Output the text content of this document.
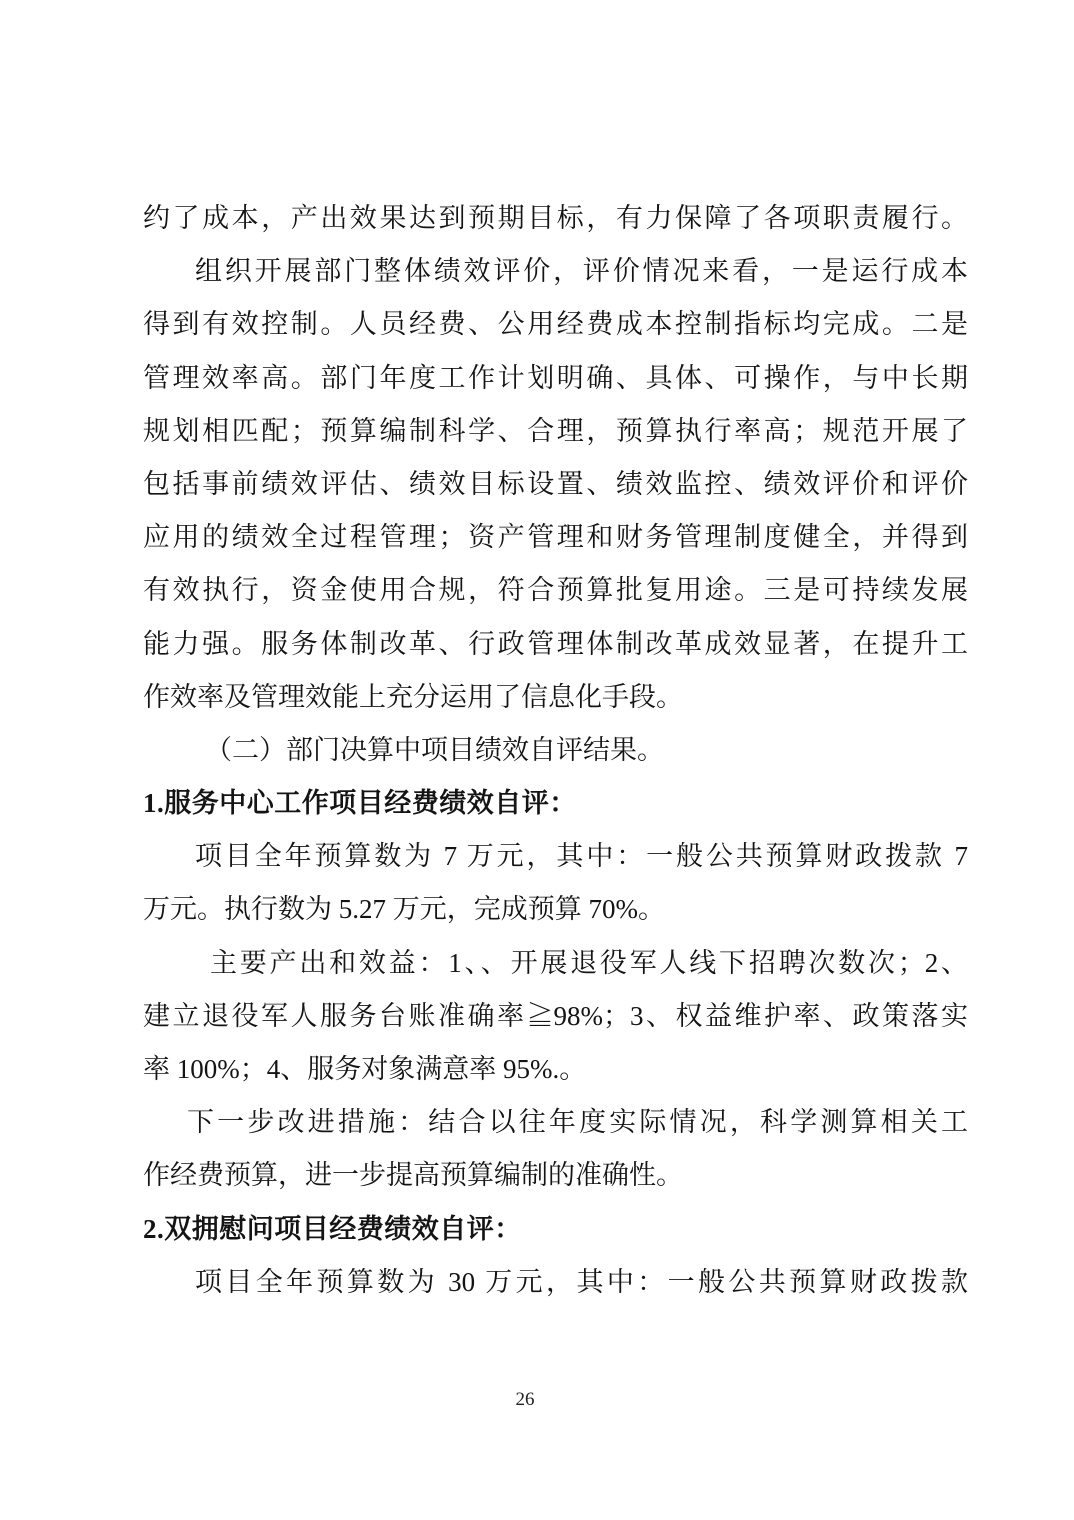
约了成本，产出效果达到预期目标，有力保障了各项职责履行。
组织开展部门整体绩效评价，评价情况来看，一是运行成本
得到有效控制。人员经费、公用经费成本控制指标均完成。二是
管理效率高。部门年度工作计划明确、具体、可操作，与中长期
规划相匹配；预算编制科学、合理，预算执行率高；规范开展了
包括事前绩效评估、绩效目标设置、绩效监控、绩效评价和评价
应用的绩效全过程管理；资产管理和财务管理制度健全，并得到
有效执行，资金使用合规，符合预算批复用途。三是可持续发展
能力强。服务体制改革、行政管理体制改革成效显著，在提升工
作效率及管理效能上充分运用了信息化手段。
（二）部门决算中项目绩效自评结果。
1.服务中心工作项目经费绩效自评：
项目全年预算数为 7 万元，其中：一般公共预算财政拨款 7
万元。执行数为 5.27 万元，完成预算 70%。
主要产出和效益：1、、开展退役军人线下招聘次数次；2、
建立退役军人服务台账准确率≧98%；3、权益维护率、政策落实
率 100%；4、服务对象满意率 95%.。
下一步改进措施：结合以往年度实际情况，科学测算相关工
作经费预算，进一步提高预算编制的准确性。
2.双拥慰问项目经费绩效自评：
项目全年预算数为 30 万元，其中：一般公共预算财政拨款
26
